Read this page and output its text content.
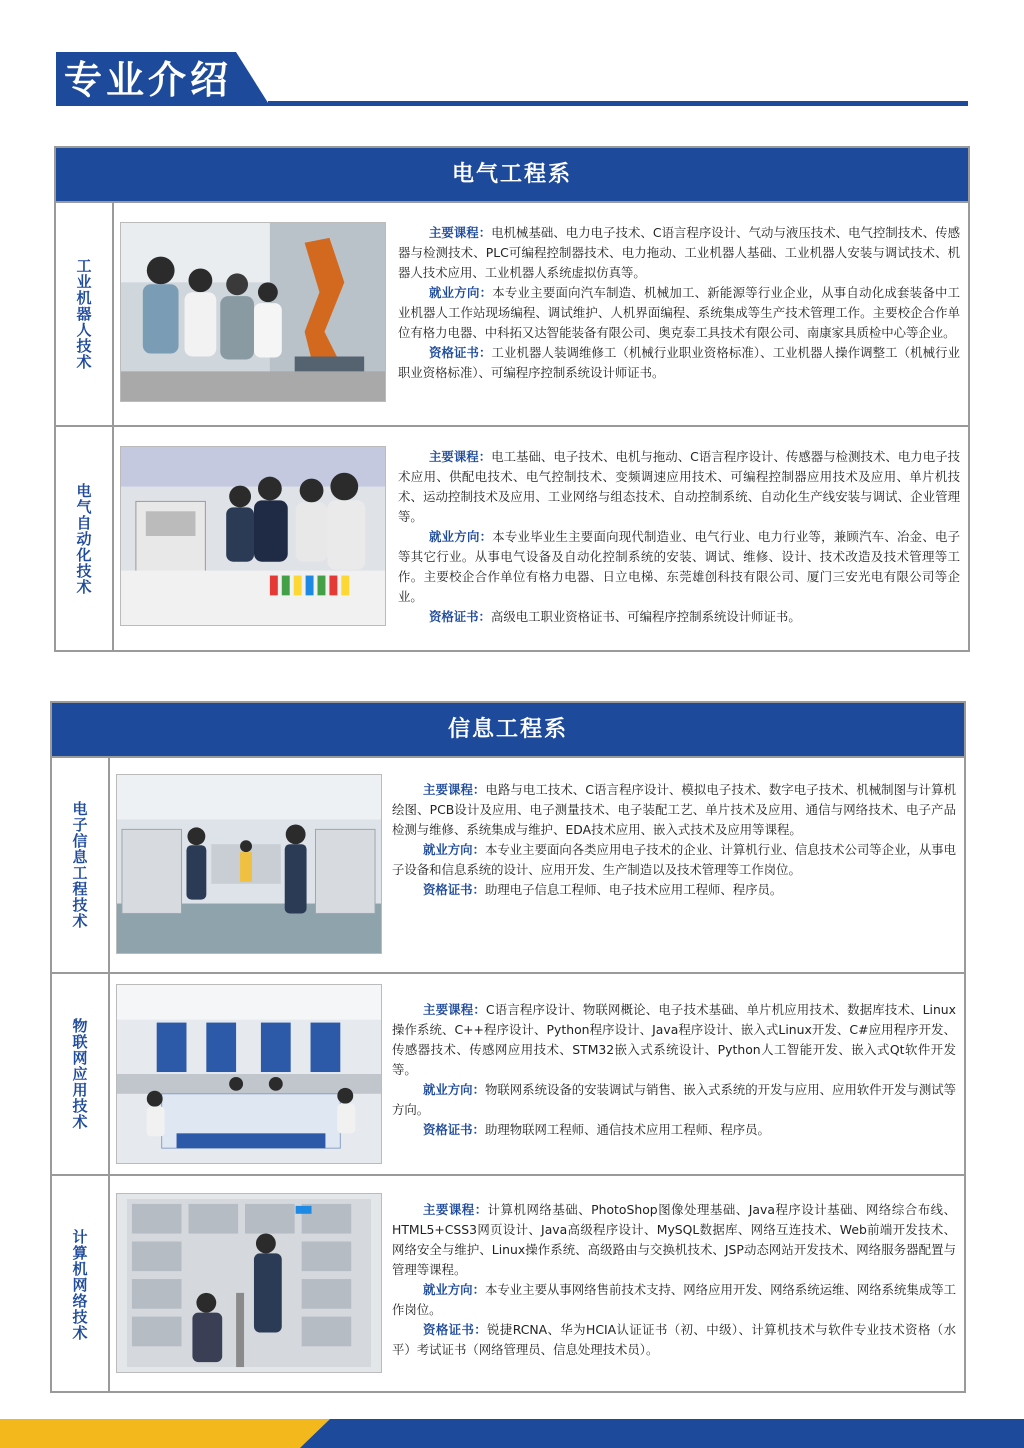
专业介绍
电气工程系
工业机器人技术

主要课程：电机械基础、电力电子技术、C语言程序设计、气动与液压技术、电气控制技术、传感器与检测技术、PLC可编程控制器技术、电力拖动、工业机器人基础、工业机器人安装与调试技术、机器人技术应用、工业机器人系统虚拟仿真等。

就业方向：本专业主要面向汽车制造、机械加工、新能源等行业企业，从事自动化成套装备中工业机器人工作站现场编程、调试维护、人机界面编程、系统集成等生产技术管理工作。主要校企合作单位有格力电器、中科拓又达智能装备有限公司、奥克泰工具技术有限公司、南康家具质检中心等企业。

资格证书：工业机器人装调维修工（机械行业职业资格标准）、工业机器人操作调整工（机械行业职业资格标准）、可编程序控制系统设计师证书。

电气自动化技术

主要课程：电工基础、电子技术、电机与拖动、C语言程序设计、传感器与检测技术、电力电子技术应用、供配电技术、电气控制技术、变频调速应用技术、可编程控制器应用技术及应用、单片机技术、运动控制技术及应用、工业网络与组态技术、自动控制系统、自动化生产线安装与调试、企业管理等。

就业方向：本专业毕业生主要面向现代制造业、电气行业、电力行业等，兼顾汽车、冶金、电子等其它行业。从事电气设备及自动化控制系统的安装、调试、维修、设计、技术改造及技术管理等工作。主要校企合作单位有格力电器、日立电梯、东莞雄创科技有限公司、厦门三安光电有限公司等企业。

资格证书：高级电工职业资格证书、可编程序控制系统设计师证书。

信息工程系
电子信息工程技术

主要课程：电路与电工技术、C语言程序设计、模拟电子技术、数字电子技术、机械制图与计算机绘图、PCB设计及应用、电子测量技术、电子装配工艺、单片技术及应用、通信与网络技术、电子产品检测与维修、系统集成与维护、EDA技术应用、嵌入式技术及应用等课程。

就业方向：本专业主要面向各类应用电子技术的企业、计算机行业、信息技术公司等企业，从事电子设备和信息系统的设计、应用开发、生产制造以及技术管理等工作岗位。

资格证书：助理电子信息工程师、电子技术应用工程师、程序员。

物联网应用技术

主要课程：C语言程序设计、物联网概论、电子技术基础、单片机应用技术、数据库技术、Linux操作系统、C++程序设计、Python程序设计、Java程序设计、嵌入式Linux开发、C#应用程序开发、传感器技术、传感网应用技术、STM32嵌入式系统设计、Python人工智能开发、嵌入式Qt软件开发等。

就业方向：物联网系统设备的安装调试与销售、嵌入式系统的开发与应用、应用软件开发与测试等方向。

资格证书：助理物联网工程师、通信技术应用工程师、程序员。

计算机网络技术

主要课程：计算机网络基础、PhotoShop图像处理基础、Java程序设计基础、网络综合布线、HTML5+CSS3网页设计、Java高级程序设计、MySQL数据库、网络互连技术、Web前端开发技术、网络安全与维护、Linux操作系统、高级路由与交换机技术、JSP动态网站开发技术、网络服务器配置与管理等课程。

就业方向：本专业主要从事网络售前技术支持、网络应用开发、网络系统运维、网络系统集成等工作岗位。

资格证书：锐捷RCNA、华为HCIA认证证书（初、中级）、计算机技术与软件专业技术资格（水平）考试证书（网络管理员、信息处理技术员）。
